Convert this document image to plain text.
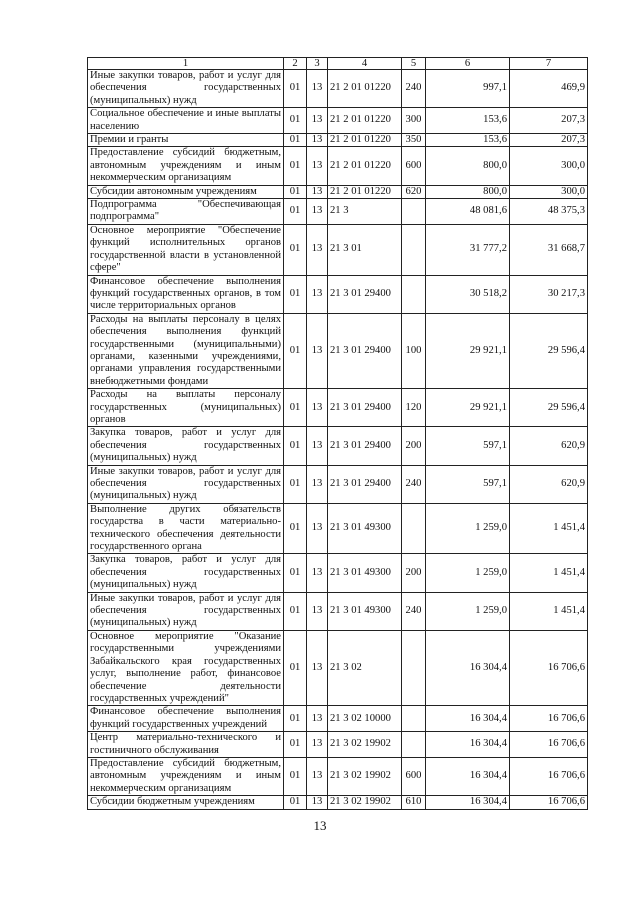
1	2	3	4	5	6	7
Иные закупки товаров, работ и услуг для обеспечения государственных (муниципальных) нужд	01	13	21 2 01 01220	240	997,1	469,9
Социальное обеспечение и иные выплаты населению	01	13	21 2 01 01220	300	153,6	207,3
Премии и гранты	01	13	21 2 01 01220	350	153,6	207,3
Предоставление субсидий бюджетным, автономным учреждениям и иным некоммерческим организациям	01	13	21 2 01 01220	600	800,0	300,0
Субсидии автономным учреждениям	01	13	21 2 01 01220	620	800,0	300,0
Подпрограмма "Обеспечивающая подпрограмма"	01	13	21 3		48 081,6	48 375,3
Основное мероприятие "Обеспечение функций исполнительных органов государственной власти в установленной сфере"	01	13	21 3 01		31 777,2	31 668,7
Финансовое обеспечение выполнения функций государственных органов, в том числе территориальных органов	01	13	21 3 01 29400		30 518,2	30 217,3
Расходы на выплаты персоналу в целях обеспечения выполнения функций государственными (муниципальными) органами, казенными учреждениями, органами управления государственными внебюджетными фондами	01	13	21 3 01 29400	100	29 921,1	29 596,4
Расходы на выплаты персоналу государственных (муниципальных) органов	01	13	21 3 01 29400	120	29 921,1	29 596,4
Закупка товаров, работ и услуг для обеспечения государственных (муниципальных) нужд	01	13	21 3 01 29400	200	597,1	620,9
Иные закупки товаров, работ и услуг для обеспечения государственных (муниципальных) нужд	01	13	21 3 01 29400	240	597,1	620,9
Выполнение других обязательств государства в части материально-технического обеспечения деятельности государственного органа	01	13	21 3 01 49300		1 259,0	1 451,4
Закупка товаров, работ и услуг для обеспечения государственных (муниципальных) нужд	01	13	21 3 01 49300	200	1 259,0	1 451,4
Иные закупки товаров, работ и услуг для обеспечения государственных (муниципальных) нужд	01	13	21 3 01 49300	240	1 259,0	1 451,4
Основное мероприятие "Оказание государственными учреждениями Забайкальского края государственных услуг, выполнение работ, финансовое обеспечение деятельности государственных учреждений"	01	13	21 3 02		16 304,4	16 706,6
Финансовое обеспечение выполнения функций государственных учреждений	01	13	21 3 02 10000		16 304,4	16 706,6
Центр материально-технического и гостиничного обслуживания	01	13	21 3 02 19902		16 304,4	16 706,6
Предоставление субсидий бюджетным, автономным учреждениям и иным некоммерческим организациям	01	13	21 3 02 19902	600	16 304,4	16 706,6
Субсидии бюджетным учреждениям	01	13	21 3 02 19902	610	16 304,4	16 706,6
13
